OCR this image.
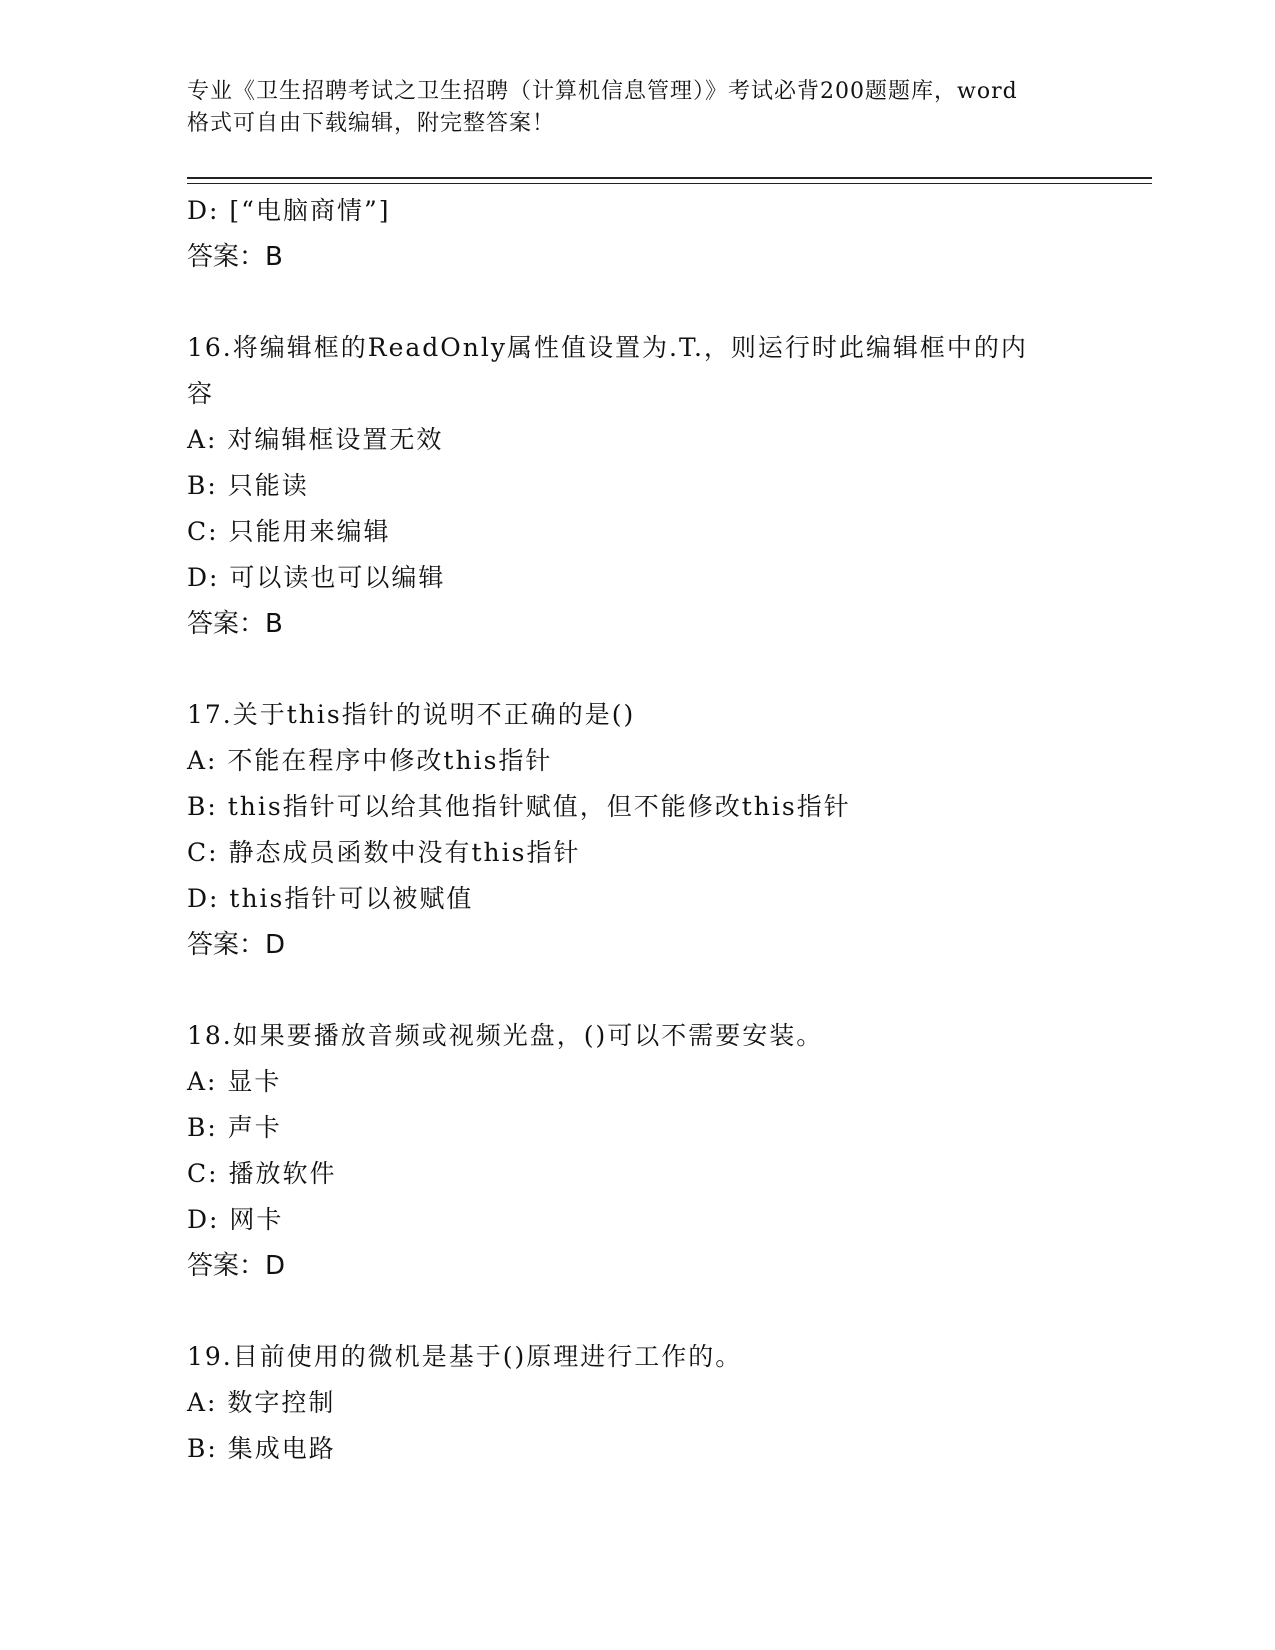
专业《卫生招聘考试之卫生招聘（计算机信息管理）》考试必背200题题库，word
格式可自由下载编辑，附完整答案！
D: [“电脑商情”]
答案：B
16.将编辑框的ReadOnly属性值设置为.T.，则运行时此编辑框中的内
容
A: 对编辑框设置无效
B: 只能读
C: 只能用来编辑
D: 可以读也可以编辑
答案：B
17.关于this指针的说明不正确的是()
A: 不能在程序中修改this指针
B: this指针可以给其他指针赋值，但不能修改this指针
C: 静态成员函数中没有this指针
D: this指针可以被赋值
答案：D
18.如果要播放音频或视频光盘，()可以不需要安装。
A: 显卡
B: 声卡
C: 播放软件
D: 网卡
答案：D
19.目前使用的微机是基于()原理进行工作的。
A: 数字控制
B: 集成电路
